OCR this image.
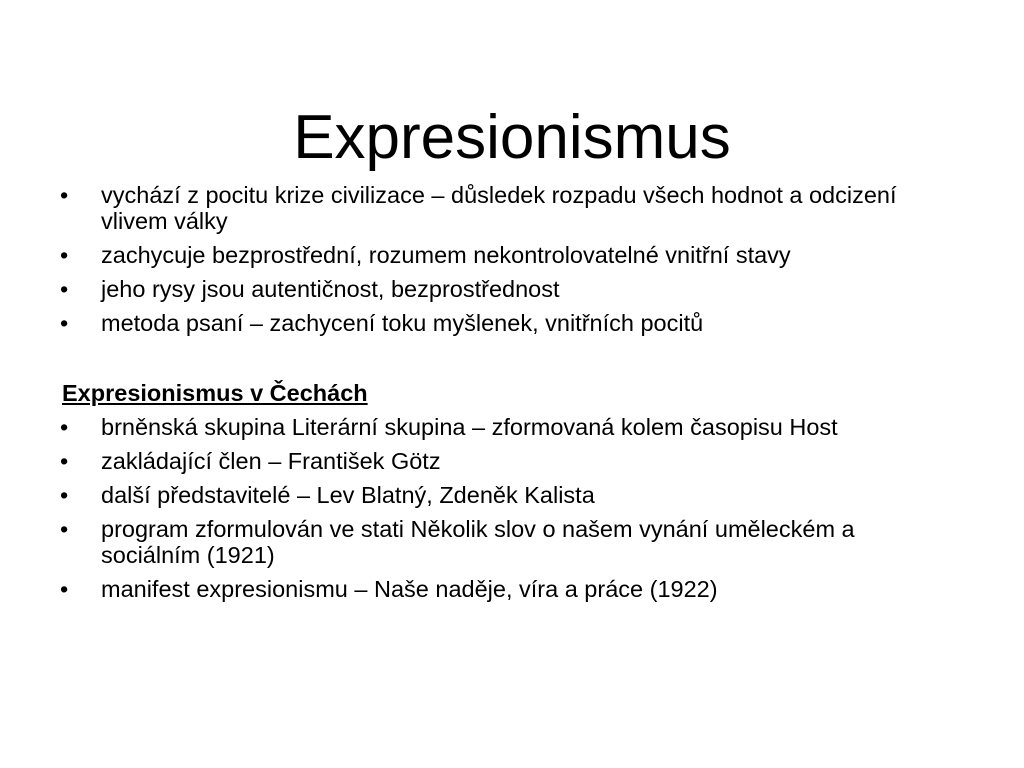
Expresionismus
• vychází z pocitu krize civilizace – důsledek rozpadu všech hodnot a odcizení vlivem války
• zachycuje bezprostřední, rozumem nekontrolovatelné vnitřní stavy
• jeho rysy jsou autentičnost, bezprostřednost
• metoda psaní – zachycení toku myšlenek, vnitřních pocitů
Expresionismus v Čechách
• brněnská skupina Literární skupina – zformovaná kolem časopisu Host
• zakládající člen – František Götz
• další představitelé – Lev Blatný, Zdeněk Kalista
• program zformulován ve stati Několik slov o našem vynání uměleckém a sociálním (1921)
• manifest expresionismu – Naše naděje, víra a práce (1922)
